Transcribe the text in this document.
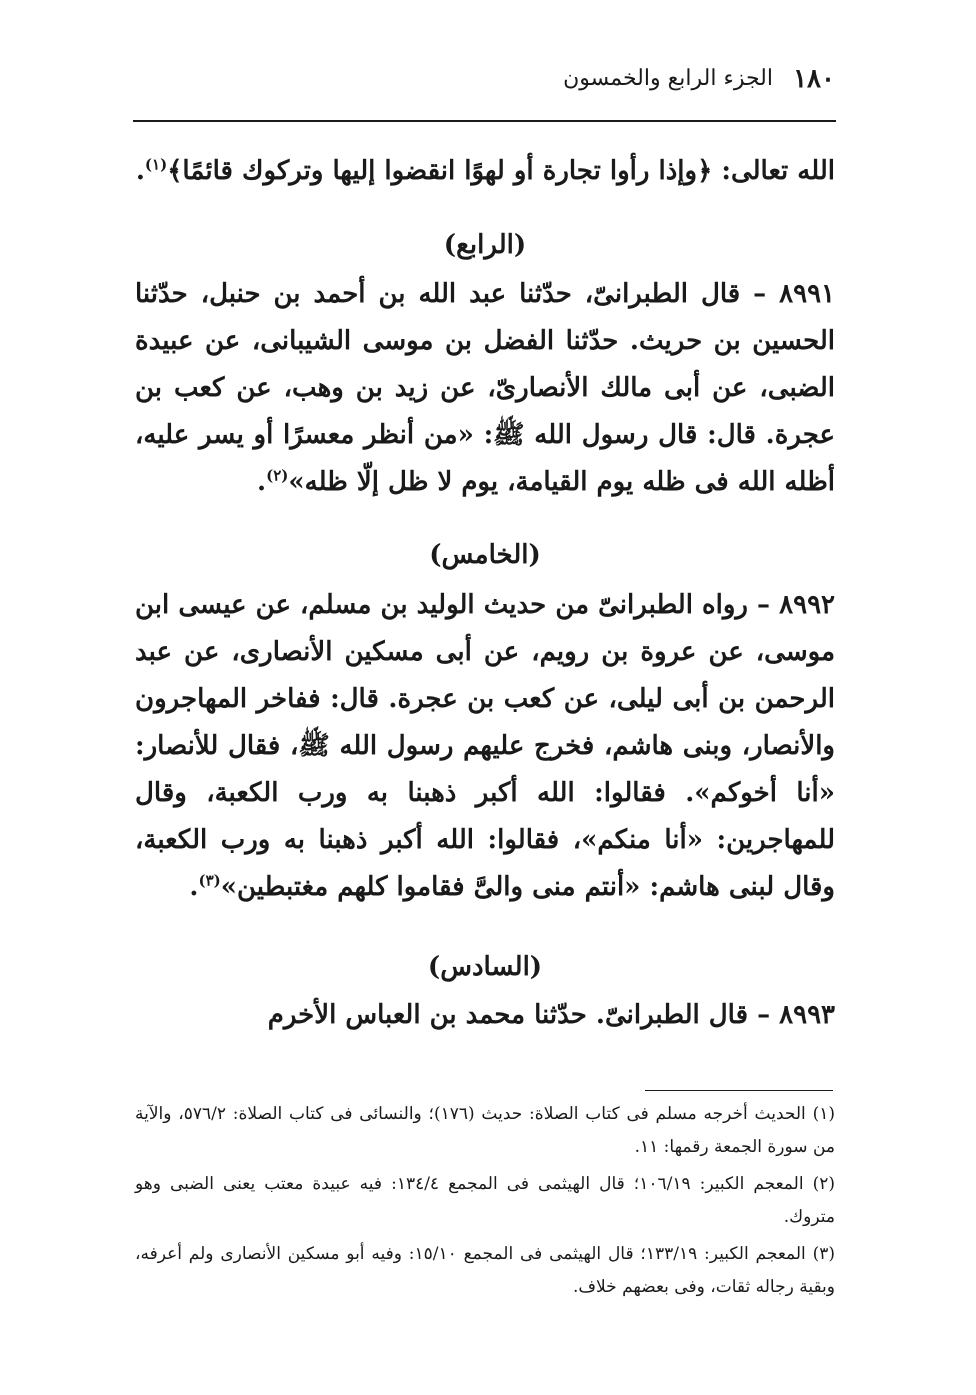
١٨٠
الجزء الرابع والخمسون
الله تعالى: ﴿وإذا رأوا تجارة أو لهوًا انقضوا إليها وتركوك قائمًا﴾$^{(١)}$.
(الرابع)
٨٩٩١ – قال الطبرانىّ، حدّثنا عبد الله بن أحمد بن حنبل، حدّثنا الحسين بن حريث. حدّثنا الفضل بن موسى الشيبانى، عن عبيدة الضبى، عن أبى مالك الأنصارىّ، عن زيد بن وهب، عن كعب بن عجرة. قال: قال رسول الله ﷺ: «من أنظر معسرًا أو يسر عليه، أظله الله فى ظله يوم القيامة، يوم لا ظل إلّا ظله»$^{(٢)}$.
(الخامس)
٨٩٩٢ – رواه الطبرانىّ من حديث الوليد بن مسلم، عن عيسى ابن موسى، عن عروة بن رويم، عن أبى مسكين الأنصارى، عن عبد الرحمن بن أبى ليلى، عن كعب بن عجرة. قال: ففاخر المهاجرون والأنصار، وبنى هاشم، فخرج عليهم رسول الله ﷺ، فقال للأنصار: «أنا أخوكم». فقالوا: الله أكبر ذهبنا به ورب الكعبة، وقال للمهاجرين: «أنا منكم»، فقالوا: الله أكبر ذهبنا به ورب الكعبة، وقال لبنى هاشم: «أنتم منى والىَّ فقاموا كلهم مغتبطين»$^{(٣)}$.
(السادس)
٨٩٩٣ – قال الطبرانىّ. حدّثنا محمد بن العباس الأخرم

(١) الحديث أخرجه مسلم فى كتاب الصلاة: حديث (١٧٦)؛ والنسائى فى كتاب الصلاة: ٥٧٦/٢، والآية من سورة الجمعة رقمها: ١١.

(٢) المعجم الكبير: ١٠٦/١٩؛ قال الهيثمى فى المجمع ١٣٤/٤: فيه عبيدة معتب يعنى الضبى وهو متروك.

(٣) المعجم الكبير: ١٣٣/١٩؛ قال الهيثمى فى المجمع ١٥/١٠: وفيه أبو مسكين الأنصارى ولم أعرفه، وبقية رجاله ثقات، وفى بعضهم خلاف.
